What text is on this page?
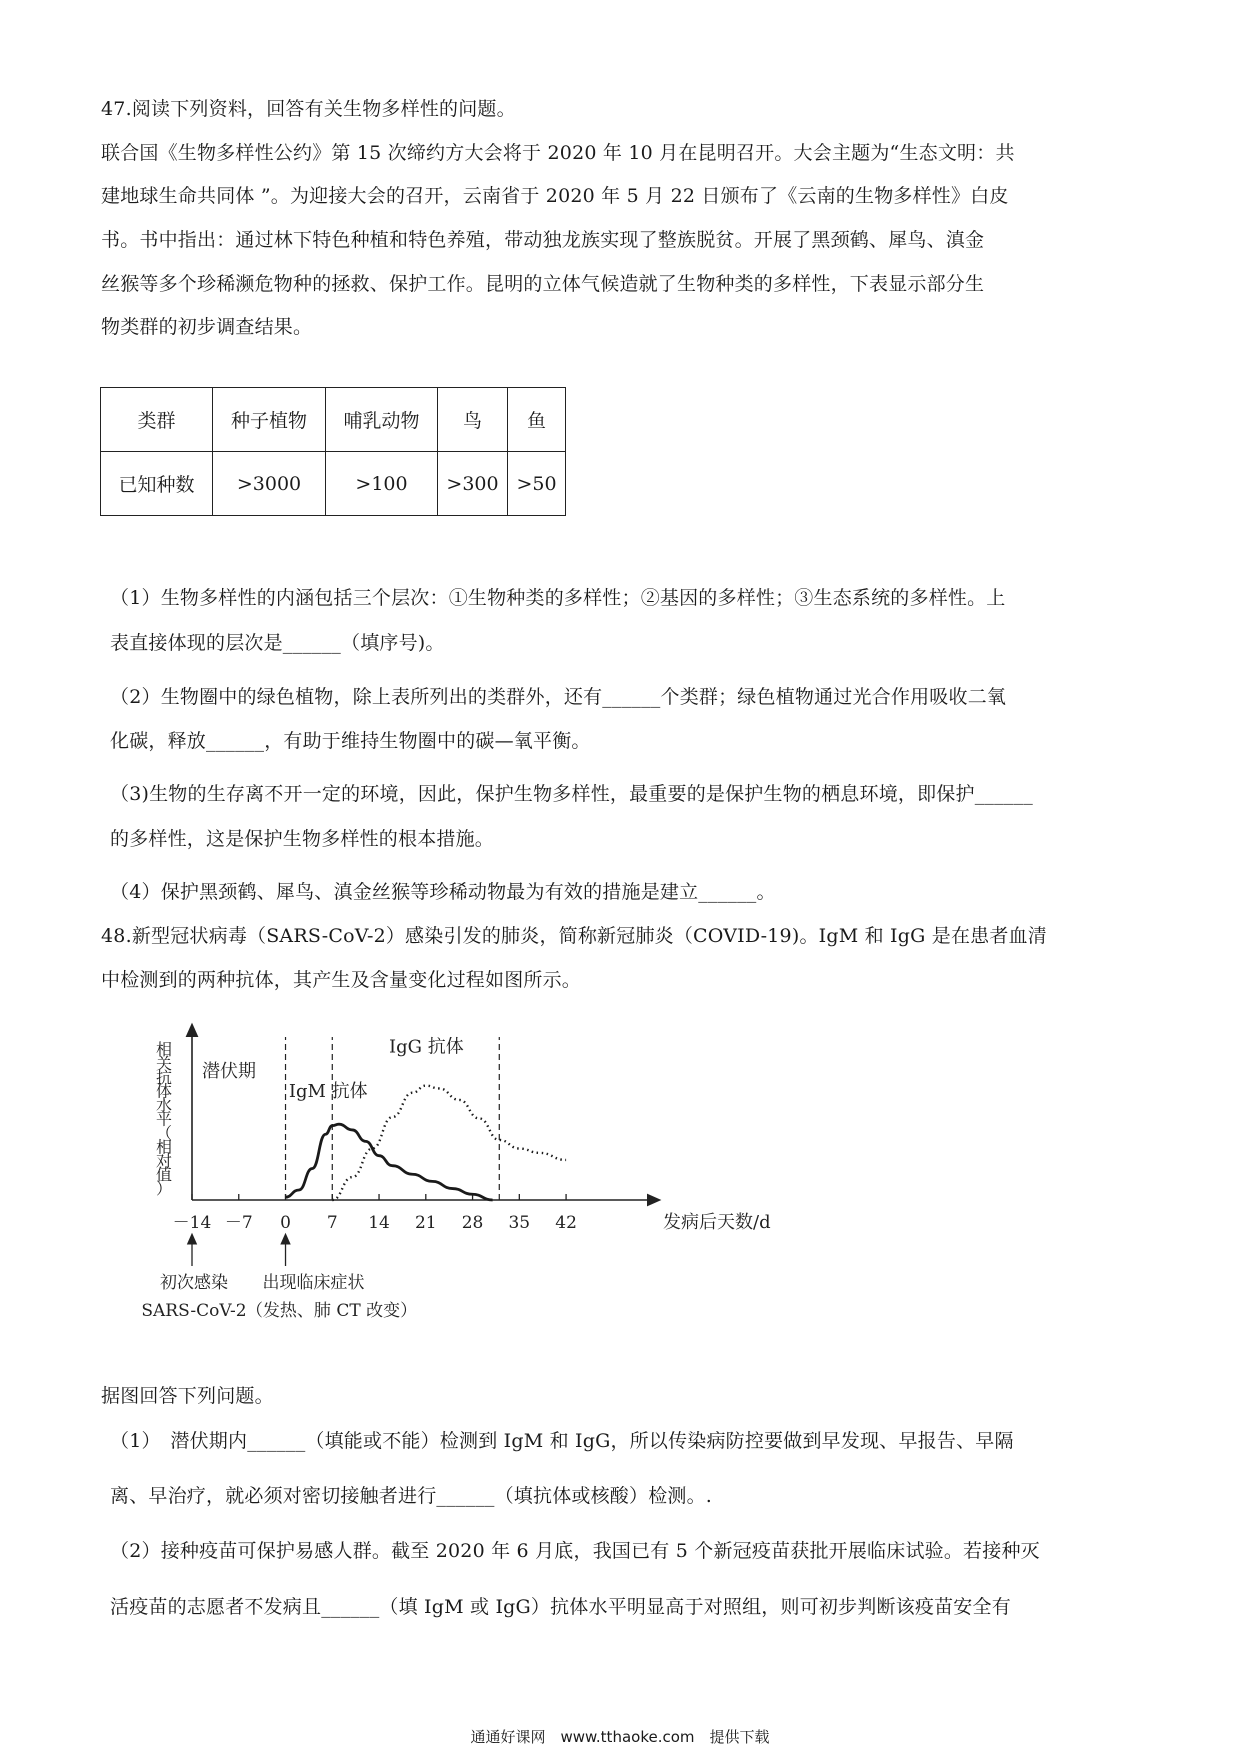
47.阅读下列资料，回答有关生物多样性的问题。
联合国《生物多样性公约》第 15 次缔约方大会将于 2020 年 10 月在昆明召开。大会主题为“生态文明：共
建地球生命共同体 ”。为迎接大会的召开，云南省于 2020 年 5 月 22 日颁布了《云南的生物多样性》白皮
书。书中指出：通过林下特色种植和特色养殖，带动独龙族实现了整族脱贫。开展了黑颈鹤、犀鸟、滇金
丝猴等多个珍稀濒危物种的拯救、保护工作。昆明的立体气候造就了生物种类的多样性，下表显示部分生
物类群的初步调查结果。
类群	种子植物	哺乳动物	鸟	鱼
已知种数	>3000	>100	>300	>50
（1）生物多样性的内涵包括三个层次：①生物种类的多样性；②基因的多样性；③生态系统的多样性。上
表直接体现的层次是______（填序号)。
（2）生物圈中的绿色植物，除上表所列出的类群外，还有______个类群；绿色植物通过光合作用吸收二氧
化碳，释放______，有助于维持生物圈中的碳—氧平衡。
（3)生物的生存离不开一定的环境，因此，保护生物多样性，最重要的是保护生物的栖息环境，即保护______
的多样性，这是保护生物多样性的根本措施。
（4）保护黑颈鹤、犀鸟、滇金丝猴等珍稀动物最为有效的措施是建立______。
48.新型冠状病毒（SARS-CoV-2）感染引发的肺炎，简称新冠肺炎（COVID-19)。IgM 和 IgG 是在患者血清
中检测到的两种抗体，其产生及含量变化过程如图所示。
－14 －7 0 7 14 21 28 35 42	发病后天数/d
相
关
抗
体
水
平
（
相
对
值
）
IgM 抗体
IgG 抗体
潜伏期
初次感染
SARS-CoV-2
出现临床症状
（发热、肺 CT 改变）
据图回答下列问题。
（1）　潜伏期内______（填能或不能）检测到 IgM 和 IgG，所以传染病防控要做到早发现、早报告、早隔
离、早治疗，就必须对密切接触者进行______（填抗体或核酸）检测。.
（2）接种疫苗可保护易感人群。截至 2020 年 6 月底，我国已有 5 个新冠疫苗获批开展临床试验。若接种灭
活疫苗的志愿者不发病且______（填 IgM 或 IgG）抗体水平明显高于对照组，则可初步判断该疫苗安全有
通通好课网　www.tthaoke.com　提供下载
